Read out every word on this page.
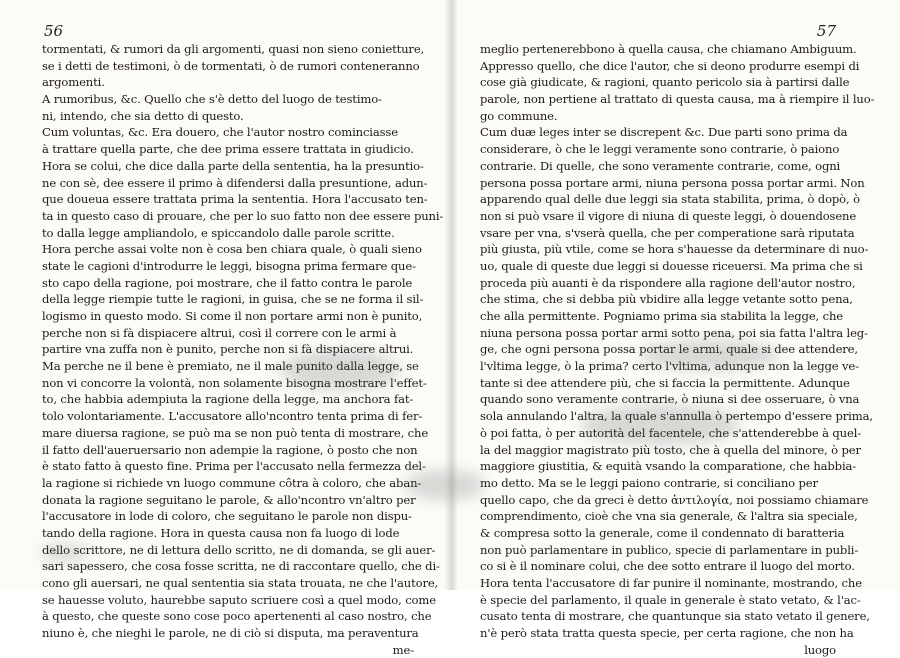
56
tormentati, & rumori da gli argomenti, quasi non sieno conietture,
se i detti de testimoni, ò de tormentati, ò de rumori conteneranno
argomenti.
A rumoribus, &c. Quello che s'è detto del luogo de testimo-
ni, intendo, che sia detto di questo.
Cum voluntas, &c. Era douero, che l'autor nostro cominciasse
à trattare quella parte, che dee prima essere trattata in giudicio.
Hora se colui, che dice dalla parte della sententia, ha la presuntio-
ne con sè, dee essere il primo à difendersi dalla presuntione, adun-
que doueua essere trattata prima la sententia. Hora l'accusato ten-
ta in questo caso di prouare, che per lo suo fatto non dee essere puni-
to dalla legge ampliandolo, e spiccandolo dalle parole scritte.
Hora perche assai volte non è cosa ben chiara quale, ò quali sieno
state le cagioni d'introdurre le leggi, bisogna prima fermare que-
sto capo della ragione, poi mostrare, che il fatto contra le parole
della legge riempie tutte le ragioni, in guisa, che se ne forma il sil-
logismo in questo modo. Si come il non portare armi non è punito,
perche non si fà dispiacere altrui, così il correre con le armi à
partire vna zuffa non è punito, perche non si fà dispiacere altrui.
Ma perche ne il bene è premiato, ne il male punito dalla legge, se
non vi concorre la volontà, non solamente bisogna mostrare l'effet-
to, che habbia adempiuta la ragione della legge, ma anchora fat-
tolo volontariamente. L'accusatore allo'ncontro tenta prima di fer-
mare diuersa ragione, se può ma se non può tenta di mostrare, che
il fatto dell'aueruersario non adempie la ragione, ò posto che non
è stato fatto à questo fine. Prima per l'accusato nella fermezza del-
la ragione si richiede vn luogo commune côtra à coloro, che aban-
donata la ragione seguitano le parole, & allo'ncontro vn'altro per
l'accusatore in lode di coloro, che seguitano le parole non dispu-
tando della ragione. Hora in questa causa non fa luogo di lode
dello scrittore, ne di lettura dello scritto, ne di domanda, se gli auer-
sari sapessero, che cosa fosse scritta, ne di raccontare quello, che di-
cono gli auersari, ne qual sententia sia stata trouata, ne che l'autore,
se hauesse voluto, haurebbe saputo scriuere così a quel modo, come
à questo, che queste sono cose poco apertenenti al caso nostro, che
niuno è, che nieghi le parole, ne di ciò si disputa, ma peraventura
me-
57
meglio pertenerebbono à quella causa, che chiamano Ambiguum.
Appresso quello, che dice l'autor, che si deono produrre esempi di
cose già giudicate, & ragioni, quanto pericolo sia à partirsi dalle
parole, non pertiene al trattato di questa causa, ma à riempire il luo-
go commune.
Cum duæ leges inter se discrepent &c. Due parti sono prima da
considerare, ò che le leggi veramente sono contrarie, ò paiono
contrarie. Di quelle, che sono veramente contrarie, come, ogni
persona possa portare armi, niuna persona possa portar armi. Non
apparendo qual delle due leggi sia stata stabilita, prima, ò dopò, ò
non si può vsare il vigore di niuna di queste leggi, ò douendosene
vsare per vna, s'vserà quella, che per comperatione sarà riputata
più giusta, più vtile, come se hora s'hauesse da determinare di nuo-
uo, quale di queste due leggi si douesse riceuersi. Ma prima che si
proceda più auanti è da rispondere alla ragione dell'autor nostro,
che stima, che si debba più vbidire alla legge vetante sotto pena,
che alla permittente. Pogniamo prima sia stabilita la legge, che
niuna persona possa portar armi sotto pena, poi sia fatta l'altra leg-
ge, che ogni persona possa portar le armi, quale si dee attendere,
l'vltima legge, ò la prima? certo l'vltima, adunque non la legge ve-
tante si dee attendere più, che si faccia la permittente. Adunque
quando sono veramente contrarie, ò niuna si dee osseruare, ò vna
sola annulando l'altra, la quale s'annulla ò pertempo d'essere prima,
ò poi fatta, ò per autorità del facentele, che s'attenderebbe à quel-
la del maggior magistrato più tosto, che à quella del minore, ò per
maggiore giustitia, & equità vsando la comparatione, che habbia-
mo detto. Ma se le leggi paiono contrarie, si conciliano per
quello capo, che da greci è detto ἀντιλογία, noi possiamo chiamare
comprendimento, cioè che vna sia generale, & l'altra sia speciale,
& compresa sotto la generale, come il condennato di baratteria
non può parlamentare in publico, specie di parlamentare in publi-
co si è il nominare colui, che dee sotto entrare il luogo del morto.
Hora tenta l'accusatore di far punire il nominante, mostrando, che
è specie del parlamento, il quale in generale è stato vetato, & l'ac-
cusato tenta di mostrare, che quantunque sia stato vetato il genere,
n'è però stata tratta questa specie, per certa ragione, che non ha
luogo
